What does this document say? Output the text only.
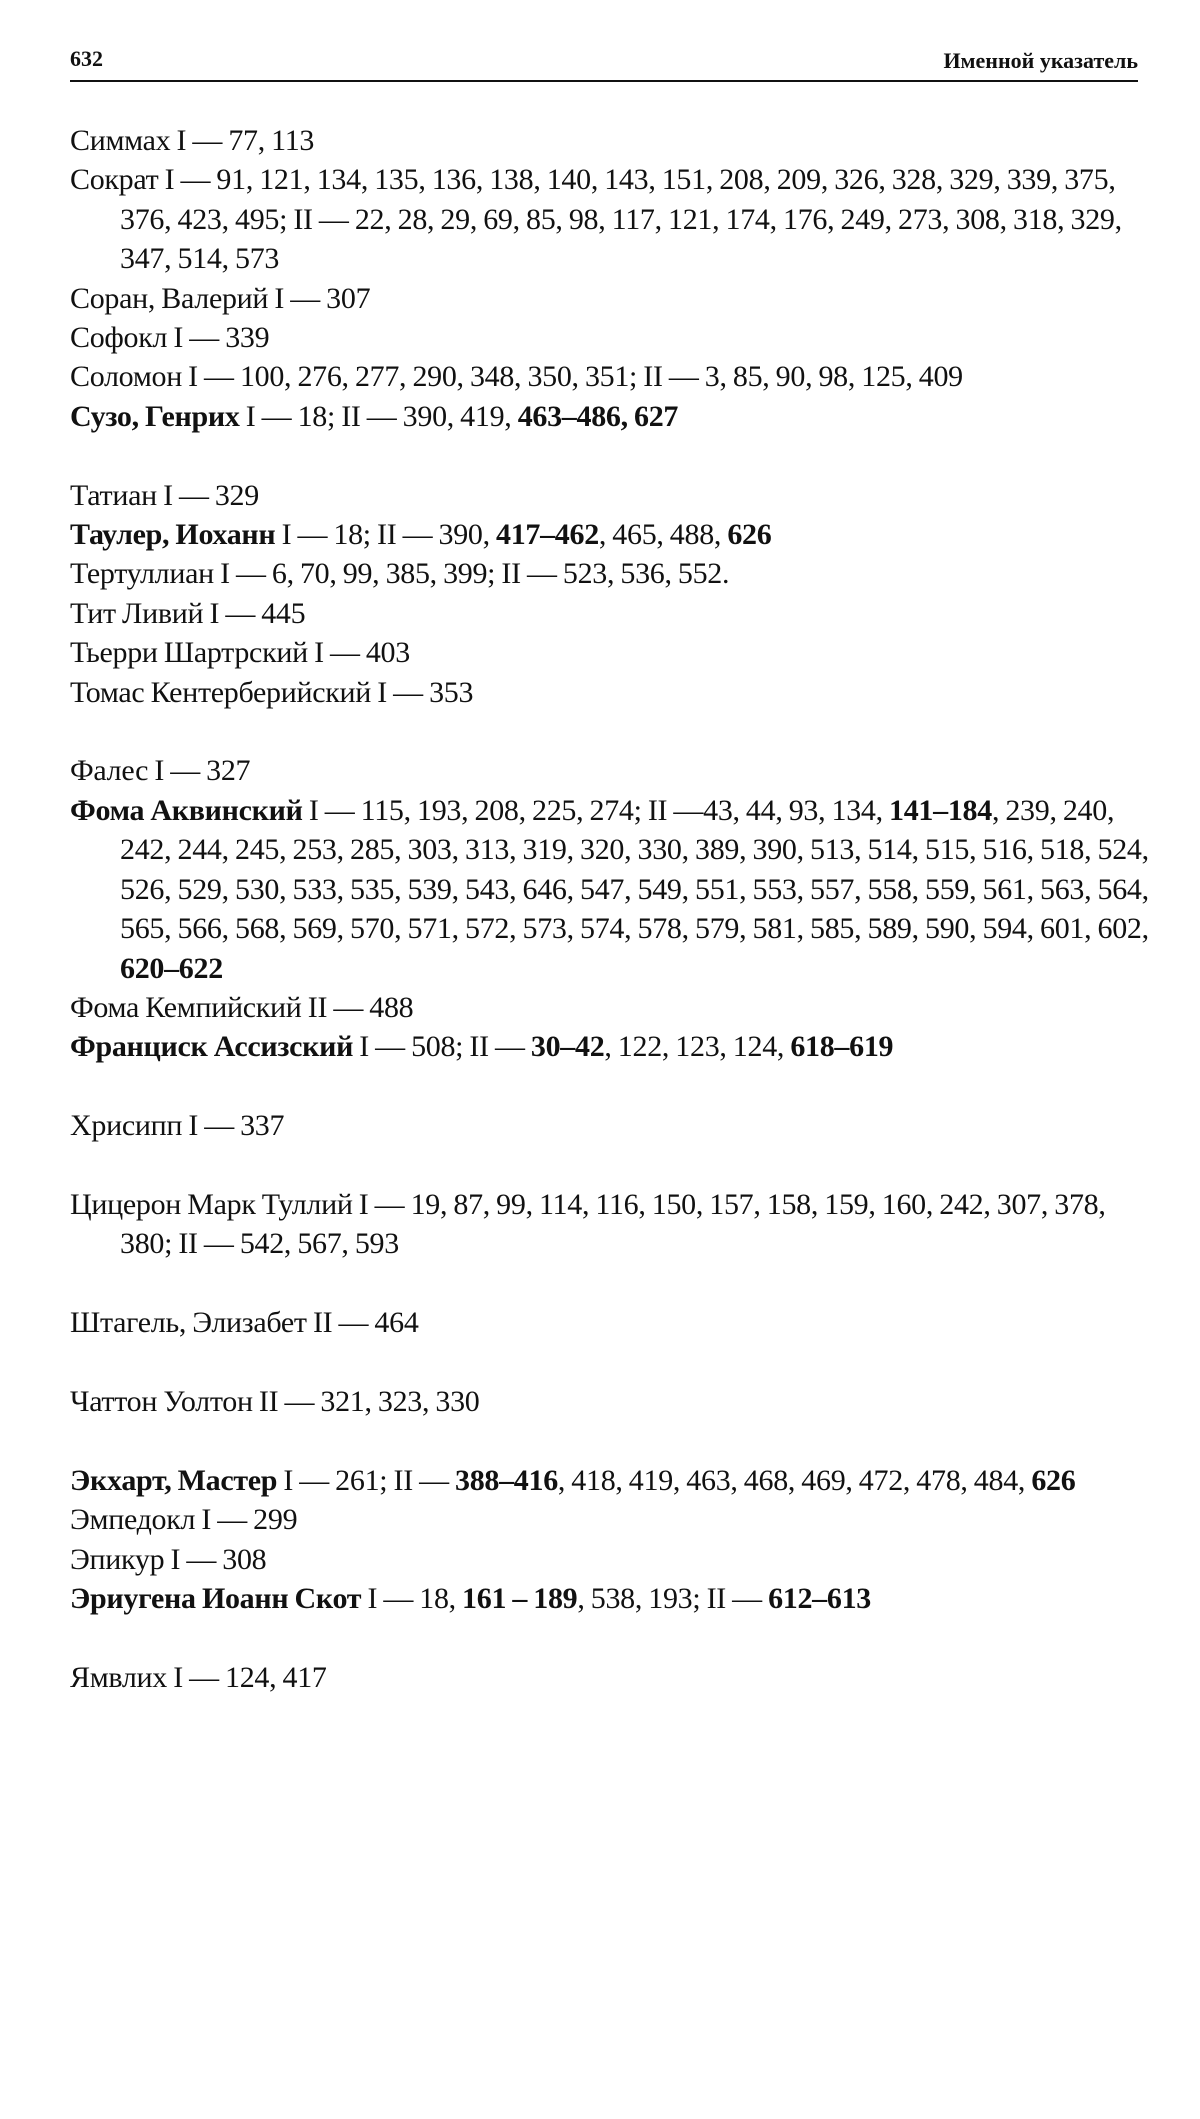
632	Именной указатель

Симмах I — 77, 113

Сократ I — 91, 121, 134, 135, 136, 138, 140, 143, 151, 208, 209, 326, 328, 329, 339, 375, 376, 423, 495; II — 22, 28, 29, 69, 85, 98, 117, 121, 174, 176, 249, 273, 308, 318, 329, 347, 514, 573

Соран, Валерий I — 307

Софокл I — 339

Соломон I — 100, 276, 277, 290, 348, 350, 351; II — 3, 85, 90, 98, 125, 409

Сузо, Генрих I — 18; II — 390, 419, 463–486, 627

Татиан I — 329

Таулер, Иоханн I — 18; II — 390, 417–462, 465, 488, 626

Тертуллиан I — 6, 70, 99, 385, 399; II — 523, 536, 552.

Тит Ливий I — 445

Тьерри Шартрский I — 403

Томас Кентерберийский I — 353

Фалес I — 327

Фома Аквинский I — 115, 193, 208, 225, 274; II —43, 44, 93, 134, 141–184, 239, 240, 242, 244, 245, 253, 285, 303, 313, 319, 320, 330, 389, 390, 513, 514, 515, 516, 518, 524, 526, 529, 530, 533, 535, 539, 543, 646, 547, 549, 551, 553, 557, 558, 559, 561, 563, 564, 565, 566, 568, 569, 570, 571, 572, 573, 574, 578, 579, 581, 585, 589, 590, 594, 601, 602, 620–622

Фома Кемпийский II — 488

Франциск Ассизский I — 508; II — 30–42, 122, 123, 124, 618–619

Хрисипп I — 337

Цицерон Марк Туллий I — 19, 87, 99, 114, 116, 150, 157, 158, 159, 160, 242, 307, 378, 380; II — 542, 567, 593

Штагель, Элизабет II — 464

Чаттон Уолтон II — 321, 323, 330

Экхарт, Мастер I — 261; II — 388–416, 418, 419, 463, 468, 469, 472, 478, 484, 626

Эмпедокл I — 299

Эпикур I — 308

Эриугена Иоанн Скот I — 18, 161 – 189, 538, 193; II — 612–613

Ямвлих I — 124, 417
